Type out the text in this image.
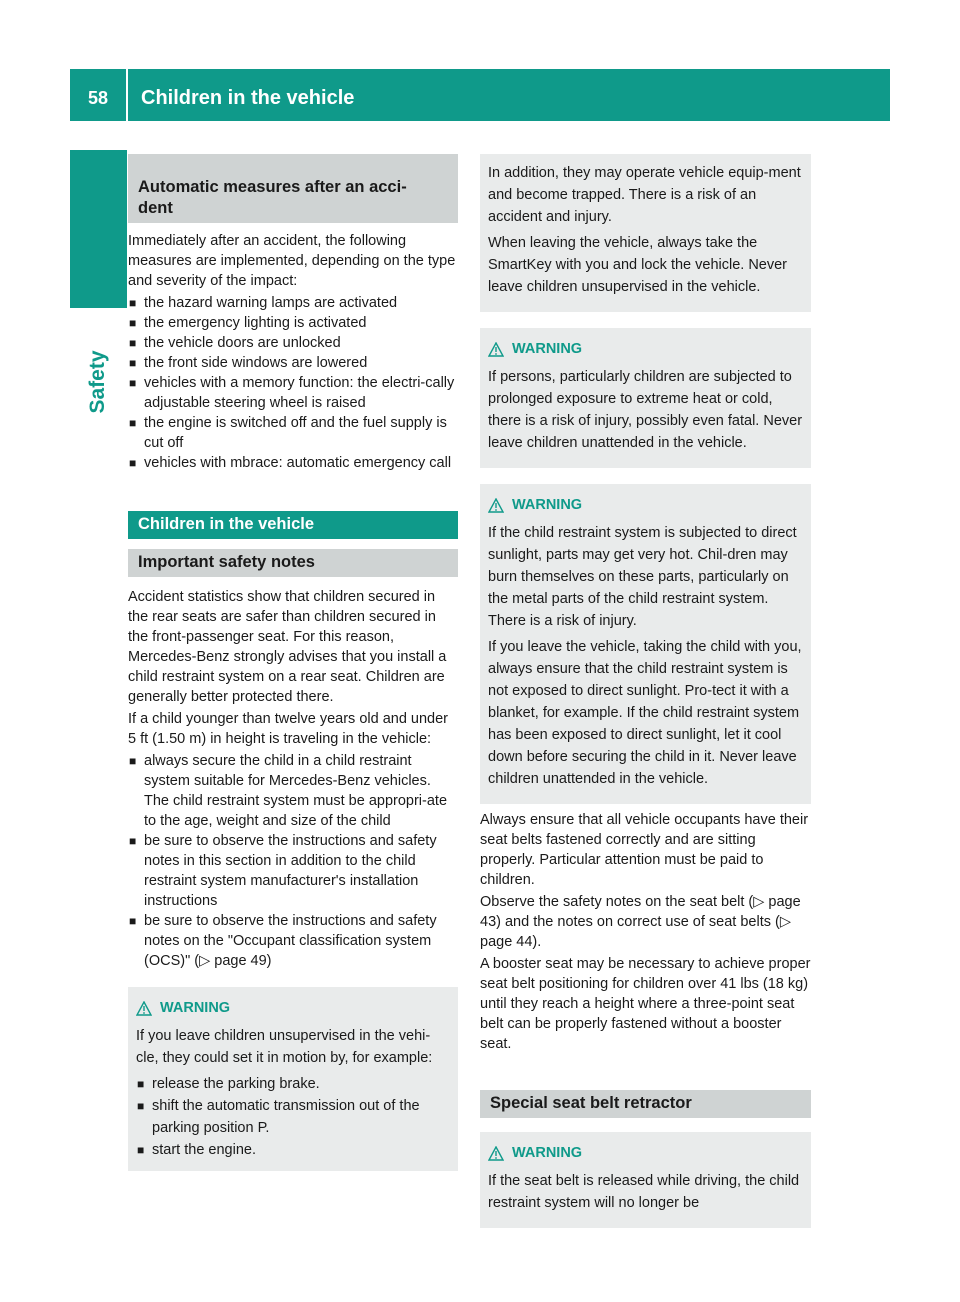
58	Children in the vehicle
Safety

Automatic measures after an acci-
dent

Immediately after an accident, the following measures are implemented, depending on the type and severity of the impact:

■ the hazard warning lamps are activated
■ the emergency lighting is activated
■ the vehicle doors are unlocked
■ the front side windows are lowered
■ vehicles with a memory function: the electri-cally adjustable steering wheel is raised
■ the engine is switched off and the fuel supply is cut off
■ vehicles with mbrace: automatic emergency call
Children in the vehicle
Important safety notes

Accident statistics show that children secured in the rear seats are safer than children secured in the front-passenger seat. For this reason, Mercedes-Benz strongly advises that you install a child restraint system on a rear seat. Children are generally better protected there.

If a child younger than twelve years old and under 5 ft (1.50 m) in height is traveling in the vehicle:

■ always secure the child in a child restraint system suitable for Mercedes-Benz vehicles. The child restraint system must be appropri-ate to the age, weight and size of the child
■ be sure to observe the instructions and safety notes in this section in addition to the child restraint system manufacturer's installation instructions
■ be sure to observe the instructions and safety notes on the "Occupant classification system (OCS)" (▷ page 49)
WARNING

If you leave children unsupervised in the vehi-cle, they could set it in motion by, for example:

■ release the parking brake.
■ shift the automatic transmission out of the parking position P.
■ start the engine.

In addition, they may operate vehicle equip-ment and become trapped. There is a risk of an accident and injury.

When leaving the vehicle, always take the SmartKey with you and lock the vehicle. Never leave children unsupervised in the vehicle.

WARNING

If persons, particularly children are subjected to prolonged exposure to extreme heat or cold, there is a risk of injury, possibly even fatal. Never leave children unattended in the vehicle.

WARNING

If the child restraint system is subjected to direct sunlight, parts may get very hot. Chil-dren may burn themselves on these parts, particularly on the metal parts of the child restraint system. There is a risk of injury.

If you leave the vehicle, taking the child with you, always ensure that the child restraint system is not exposed to direct sunlight. Pro-tect it with a blanket, for example. If the child restraint system has been exposed to direct sunlight, let it cool down before securing the child in it. Never leave children unattended in the vehicle.

Always ensure that all vehicle occupants have their seat belts fastened correctly and are sitting properly. Particular attention must be paid to children.

Observe the safety notes on the seat belt (▷ page 43) and the notes on correct use of seat belts (▷ page 44).

A booster seat may be necessary to achieve proper seat belt positioning for children over 41 lbs (18 kg) until they reach a height where a three-point seat belt can be properly fastened without a booster seat.

Special seat belt retractor
WARNING

If the seat belt is released while driving, the child restraint system will no longer be
